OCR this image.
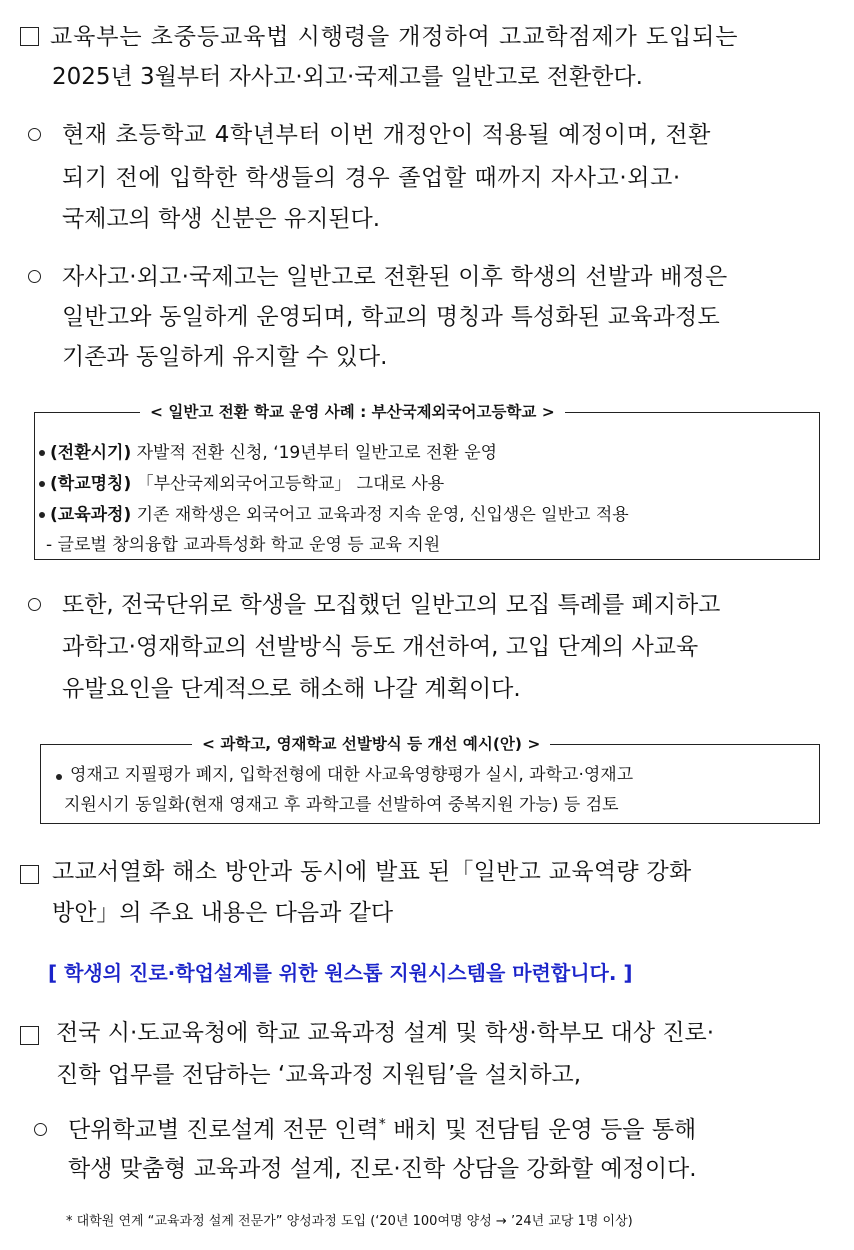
교육부는 초중등교육법 시행령을 개정하여 고교학점제가 도입되는
2025년 3월부터 자사고·외고·국제고를 일반고로 전환한다.
현재 초등학교 4학년부터 이번 개정안이 적용될 예정이며, 전환
되기 전에 입학한 학생들의 경우 졸업할 때까지 자사고·외고·
국제고의 학생 신분은 유지된다.
자사고·외고·국제고는 일반고로 전환된 이후 학생의 선발과 배정은
일반고와 동일하게 운영되며, 학교의 명칭과 특성화된 교육과정도
기존과 동일하게 유지할 수 있다.
< 일반고 전환 학교 운영 사례 : 부산국제외국어고등학교 >
(전환시기) 자발적 전환 신청, ‘19년부터 일반고로 전환 운영
(학교명칭) 「부산국제외국어고등학교」 그대로 사용
(교육과정) 기존 재학생은 외국어고 교육과정 지속 운영, 신입생은 일반고 적용
- 글로벌 창의융합 교과특성화 학교 운영 등 교육 지원
또한, 전국단위로 학생을 모집했던 일반고의 모집 특례를 폐지하고
과학고·영재학교의 선발방식 등도 개선하여, 고입 단계의 사교육
유발요인을 단계적으로 해소해 나갈 계획이다.
< 과학고, 영재학교 선발방식 등 개선 예시(안) >
영재고 지필평가 폐지, 입학전형에 대한 사교육영향평가 실시, 과학고·영재고
지원시기 동일화(현재 영재고 후 과학고를 선발하여 중복지원 가능) 등 검토
고교서열화 해소 방안과 동시에 발표 된「일반고 교육역량 강화
방안」의 주요 내용은 다음과 같다
[ 학생의 진로·학업설계를 위한 원스톱 지원시스템을 마련합니다. ]
전국 시·도교육청에 학교 교육과정 설계 및 학생·학부모 대상 진로·
진학 업무를 전담하는 ‘교육과정 지원팀’을 설치하고,
단위학교별 진로설계 전문 인력* 배치 및 전담팀 운영 등을 통해
학생 맞춤형 교육과정 설계, 진로·진학 상담을 강화할 예정이다.
* 대학원 연계 “교육과정 설계 전문가” 양성과정 도입 (‘20년 100여명 양성 → ’24년 교당 1명 이상)
